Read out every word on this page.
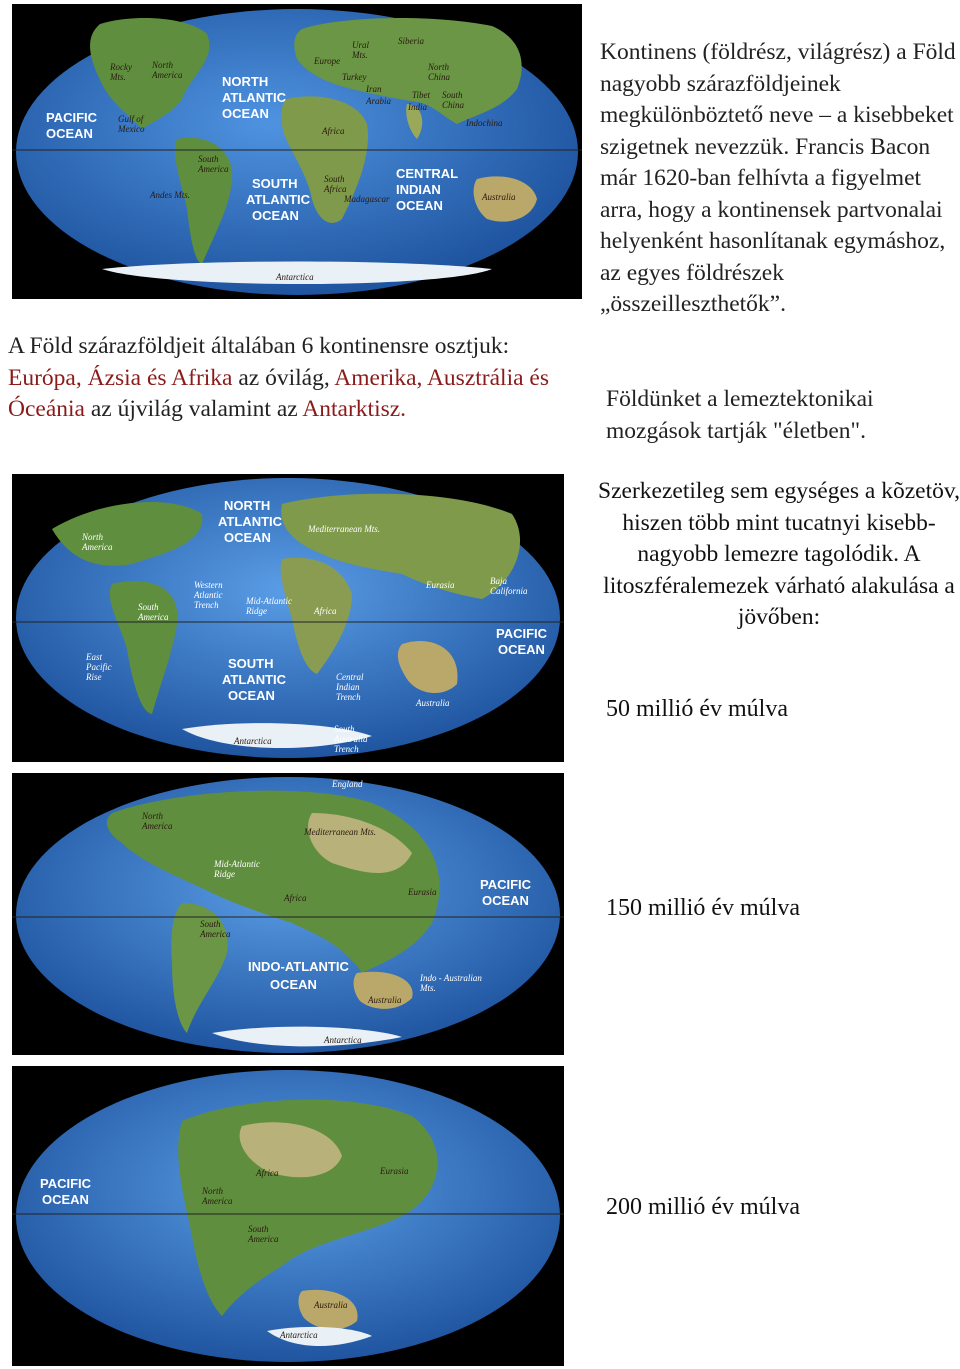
PACIFIC OCEAN
NORTH ATLANTIC OCEAN
SOUTH ATLANTIC OCEAN
CENTRAL INDIAN OCEAN
North America
Rocky Mts.
Gulf of Mexico
South America
Andes Mts.
Africa
Europe
Ural Mts.
Siberia
North China
South China
Turkey
Iran
Arabia
Tibet
India
Indochina
South Africa
Madagascar	Australia
Antarctica
NORTH ATLANTIC OCEAN
SOUTH ATLANTIC OCEAN
PACIFIC OCEAN
North America
South America
Western Atlantic Trench	Mid-Atlantic Ridge	Africa
Mediterranean Mts.
Eurasia	Baja California
East Pacific Rise	Central Indian Trench
Australia
South Australia Trench
Antarctica
England
North America
Mid-Atlantic Ridge
Mediterranean Mts.
Africa
Eurasia	PACIFIC OCEAN
South America
INDO-ATLANTIC OCEAN	Indo - Australian Mts.
Australia
Antarctica
PACIFIC OCEAN
Africa	Eurasia
North America
South America
Australia
Antarctica

A Föld szárazföldjeit általában 6 kontinensre osztjuk: Európa, Ázsia és Afrika az óvilág, Amerika, Ausztrália és Óceánia az újvilág valamint az Antarktisz.

Kontinens (földrész, világrész) a Föld nagyobb szárazföldjeinek megkülönböztető neve – a kisebbeket szigetnek nevezzük. Francis Bacon már 1620-ban felhívta a figyelmet arra, hogy a kontinensek partvonalai helyenként hasonlítanak egymáshoz, az egyes földrészek „összeilleszthetők”.

Földünket a lemeztektonikai mozgások tartják "életben".

Szerkezetileg sem egységes a kõzetöv, hiszen több mint tucatnyi kisebb-nagyobb lemezre tagolódik. A litoszféralemezek várható alakulása a jövőben:

50 millió év múlva
150 millió év múlva
200 millió év múlva
